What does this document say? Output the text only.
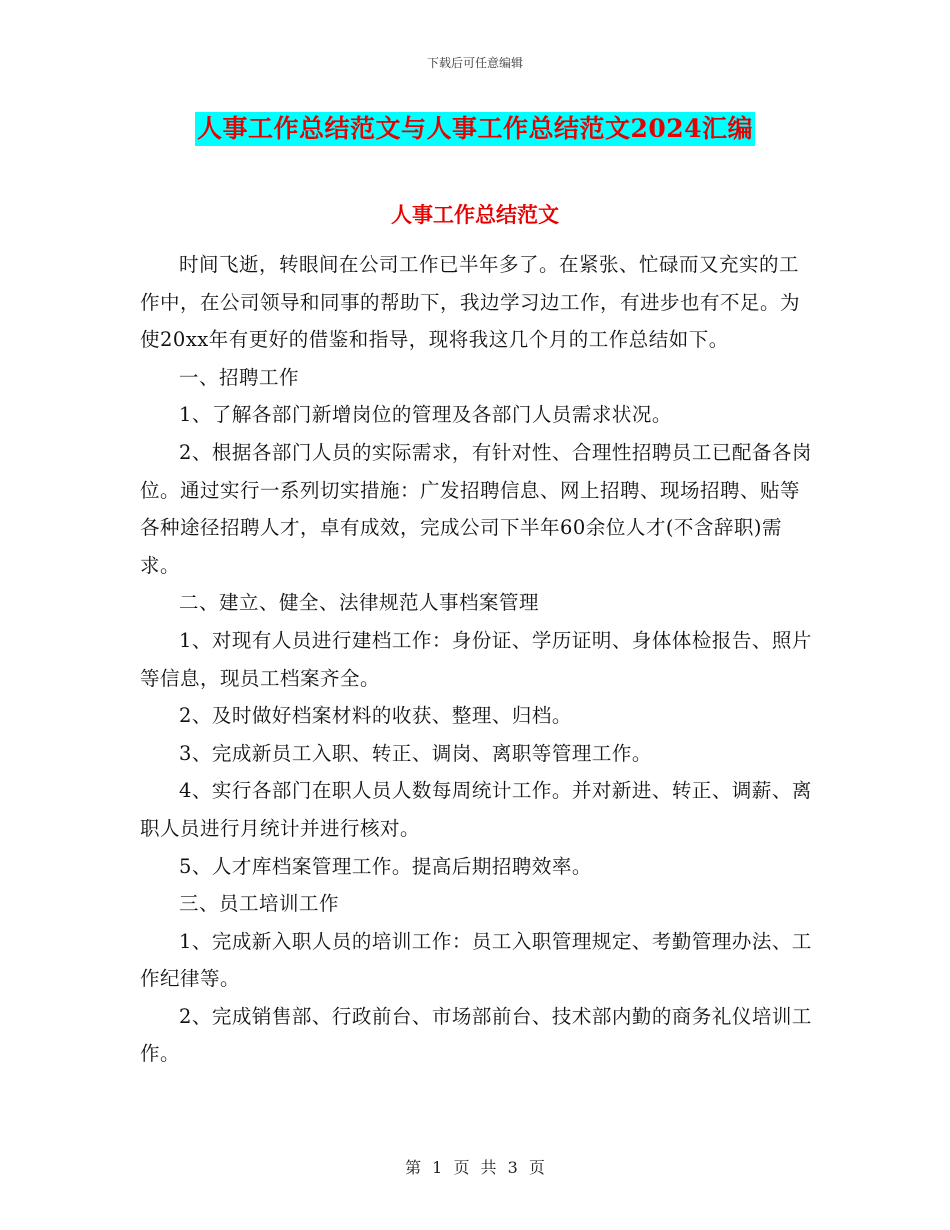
下载后可任意编辑
人事工作总结范文与人事工作总结范文2024汇编
人事工作总结范文

时间飞逝，转眼间在公司工作已半年多了。在紧张、忙碌而又充实的工作中，在公司领导和同事的帮助下，我边学习边工作，有进步也有不足。为使20xx年有更好的借鉴和指导，现将我这几个月的工作总结如下。

一、招聘工作

1、了解各部门新增岗位的管理及各部门人员需求状况。

2、根据各部门人员的实际需求，有针对性、合理性招聘员工已配备各岗位。通过实行一系列切实措施：广发招聘信息、网上招聘、现场招聘、贴等各种途径招聘人才，卓有成效，完成公司下半年60余位人才(不含辞职)需求。

二、建立、健全、法律规范人事档案管理

1、对现有人员进行建档工作：身份证、学历证明、身体体检报告、照片等信息，现员工档案齐全。

2、及时做好档案材料的收获、整理、归档。

3、完成新员工入职、转正、调岗、离职等管理工作。

4、实行各部门在职人员人数每周统计工作。并对新进、转正、调薪、离职人员进行月统计并进行核对。

5、人才库档案管理工作。提高后期招聘效率。

三、员工培训工作

1、完成新入职人员的培训工作：员工入职管理规定、考勤管理办法、工作纪律等。

2、完成销售部、行政前台、市场部前台、技术部内勤的商务礼仪培训工作。

第 1 页 共 3 页
